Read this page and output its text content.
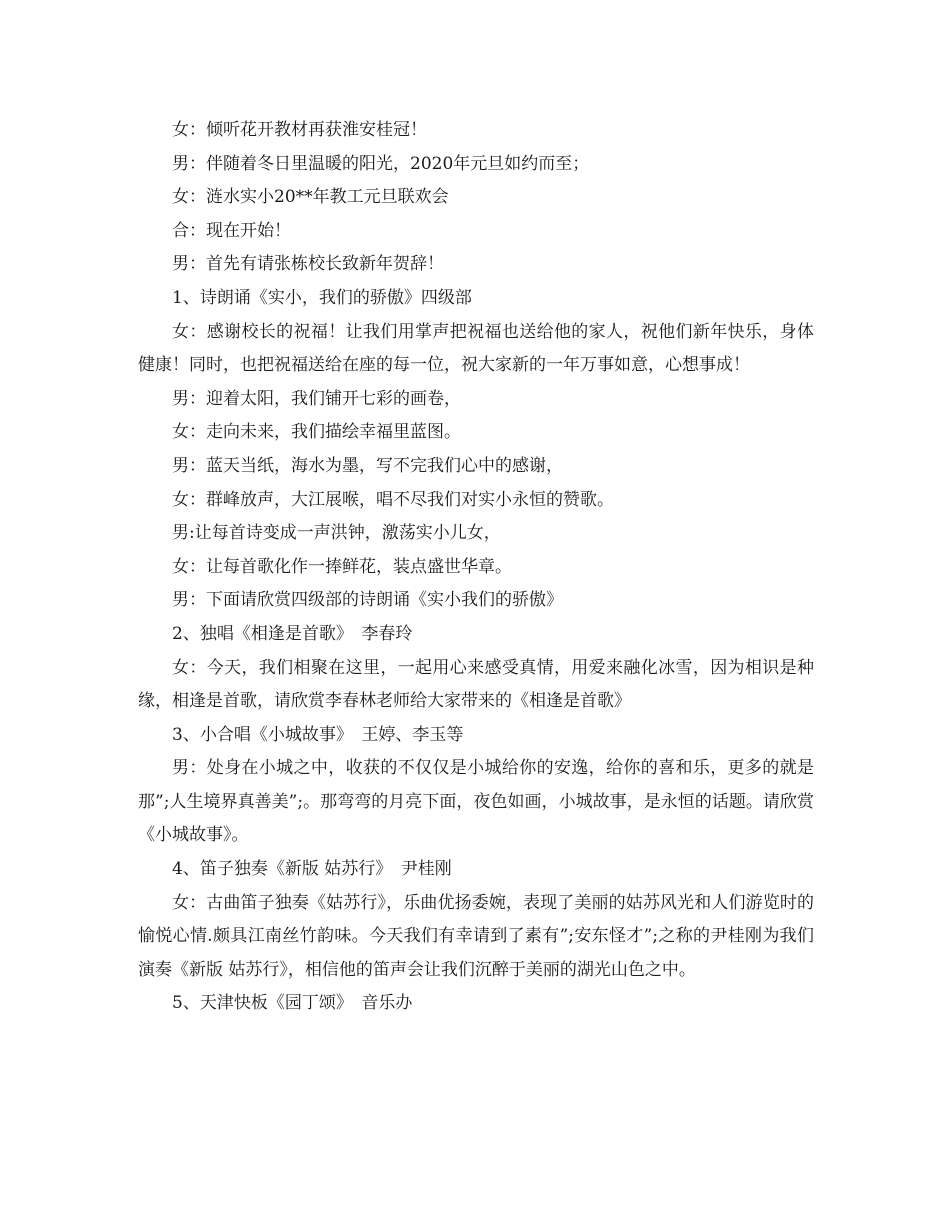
女：倾听花开教材再获淮安桂冠！

男：伴随着冬日里温暖的阳光，2020年元旦如约而至；

女：涟水实小20**年教工元旦联欢会

合：现在开始！

男：首先有请张栋校长致新年贺辞！

1、诗朗诵《实小，我们的骄傲》四级部

女：感谢校长的祝福！让我们用掌声把祝福也送给他的家人，祝他们新年快乐，身体健康！同时，也把祝福送给在座的每一位，祝大家新的一年万事如意，心想事成！

男：迎着太阳，我们铺开七彩的画卷，

女：走向未来，我们描绘幸福里蓝图。

男：蓝天当纸，海水为墨，写不完我们心中的感谢，

女：群峰放声，大江展喉，唱不尽我们对实小永恒的赞歌。

男:让每首诗变成一声洪钟，激荡实小儿女，

女：让每首歌化作一捧鲜花，装点盛世华章。

男：下面请欣赏四级部的诗朗诵《实小我们的骄傲》

2、独唱《相逢是首歌》　李春玲

女：今天，我们相聚在这里，一起用心来感受真情，用爱来融化冰雪，因为相识是种缘，相逢是首歌，请欣赏李春林老师给大家带来的《相逢是首歌》

3、小合唱《小城故事》　王婷、李玉等

男：处身在小城之中，收获的不仅仅是小城给你的安逸，给你的喜和乐，更多的就是那”;人生境界真善美”;。那弯弯的月亮下面，夜色如画，小城故事，是永恒的话题。请欣赏《小城故事》。

4、笛子独奏《新版 姑苏行》　尹桂刚

女：古曲笛子独奏《姑苏行》，乐曲优扬委婉，表现了美丽的姑苏风光和人们游览时的愉悦心情.颇具江南丝竹韵味。今天我们有幸请到了素有”;安东怪才”;之称的尹桂刚为我们演奏《新版 姑苏行》，相信他的笛声会让我们沉醉于美丽的湖光山色之中。

5、天津快板《园丁颂》　音乐办
